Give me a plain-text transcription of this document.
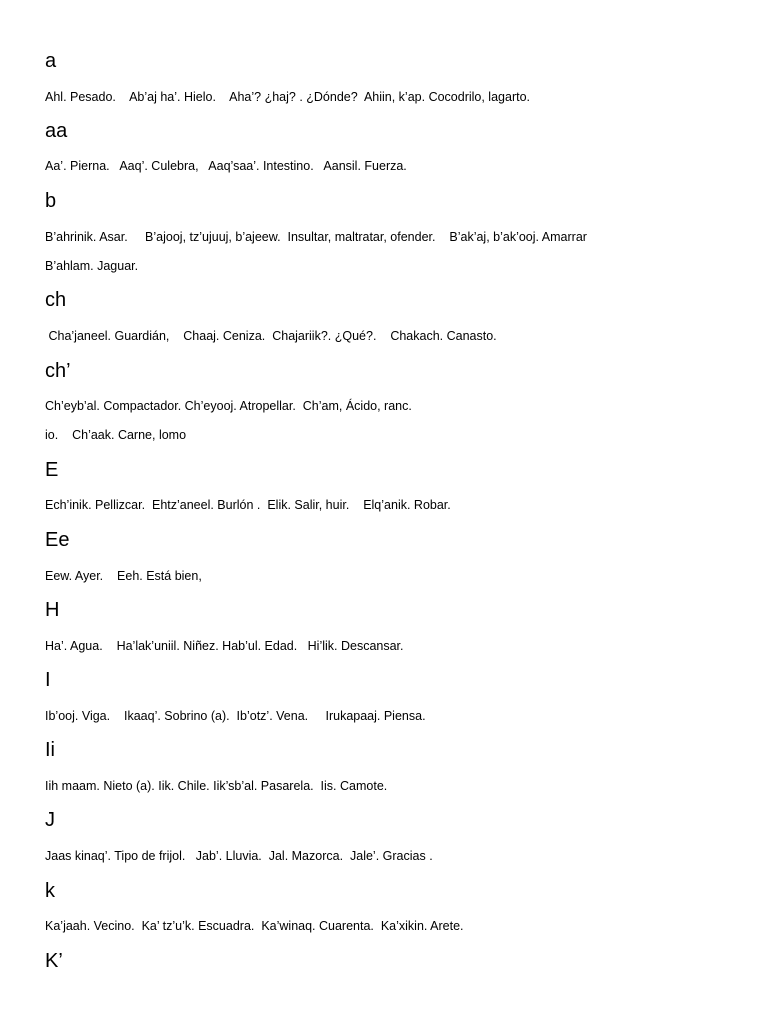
a
Ahl. Pesado.    Ab’aj ha’. Hielo.    Aha’? ¿haj? . ¿Dónde?  Ahiin, k’ap. Cocodrilo, lagarto.
aa
Aa’. Pierna.   Aaq’. Culebra,   Aaq’saa’. Intestino.   Aansil. Fuerza.
b
B’ahrinik. Asar.     B’ajooj, tz’ujuuj, b’ajeew.  Insultar, maltratar, ofender.    B’ak’aj, b’ak’ooj. Amarrar
B’ahlam. Jaguar.
ch
Cha’janeel. Guardián,    Chaaj. Ceniza.  Chajariik?. ¿Qué?.    Chakach. Canasto.
ch’
Ch’eyb’al. Compactador. Ch’eyooj. Atropellar.  Ch’am, Ácido, ranc.
io.    Ch’aak. Carne, lomo
E
Ech’inik. Pellizcar.  Ehtz’aneel. Burlón .  Elik. Salir, huir.    Elq’anik. Robar.
Ee
Eew. Ayer.    Eeh. Está bien,
H
Ha’. Agua.    Ha’lak’uniil. Niñez. Hab’ul. Edad.   Hi’lik. Descansar.
I
Ib’ooj. Viga.    Ikaaq’. Sobrino (a).  Ib’otz’. Vena.     Irukapaaj. Piensa.
Ii
Iih maam. Nieto (a). Iik. Chile. Iik’sb’al. Pasarela.  Iis. Camote.
J
Jaas kinaq’. Tipo de frijol.   Jab’. Lluvia.  Jal. Mazorca.  Jale’. Gracias .
k
Ka’jaah. Vecino.  Ka’ tz’u’k. Escuadra.  Ka’winaq. Cuarenta.  Ka’xikin. Arete.
K’
